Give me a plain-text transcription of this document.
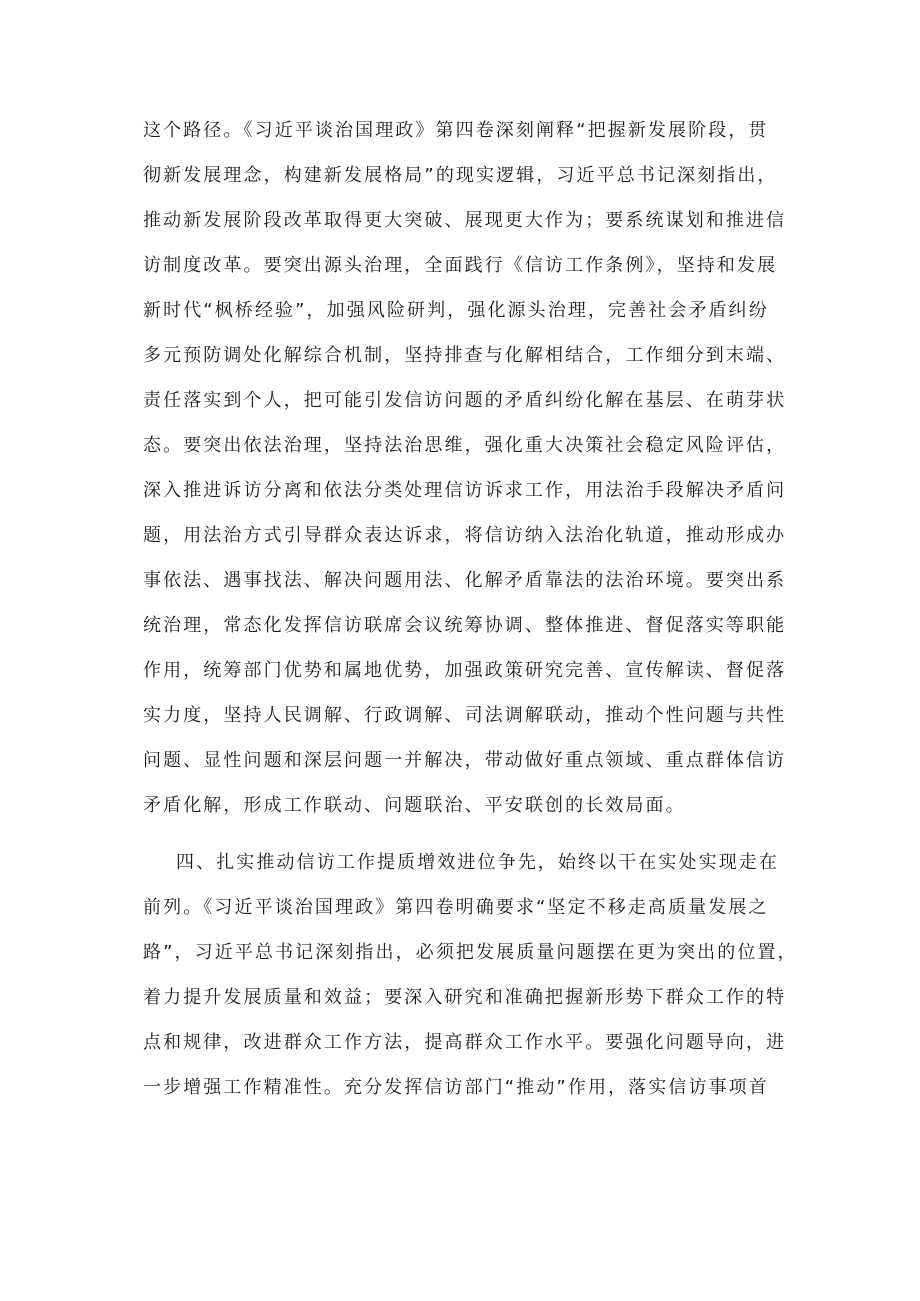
这个路径。《习近平谈治国理政》第四卷深刻阐释“把握新发展阶段，贯
彻新发展理念，构建新发展格局”的现实逻辑，习近平总书记深刻指出，
推动新发展阶段改革取得更大突破、展现更大作为；要系统谋划和推进信
访制度改革。要突出源头治理，全面践行《信访工作条例》，坚持和发展
新时代“枫桥经验”，加强风险研判，强化源头治理，完善社会矛盾纠纷
多元预防调处化解综合机制，坚持排查与化解相结合，工作细分到末端、
责任落实到个人，把可能引发信访问题的矛盾纠纷化解在基层、在萌芽状
态。要突出依法治理，坚持法治思维，强化重大决策社会稳定风险评估，
深入推进诉访分离和依法分类处理信访诉求工作，用法治手段解决矛盾问
题，用法治方式引导群众表达诉求，将信访纳入法治化轨道，推动形成办
事依法、遇事找法、解决问题用法、化解矛盾靠法的法治环境。要突出系
统治理，常态化发挥信访联席会议统筹协调、整体推进、督促落实等职能
作用，统筹部门优势和属地优势，加强政策研究完善、宣传解读、督促落
实力度，坚持人民调解、行政调解、司法调解联动，推动个性问题与共性
问题、显性问题和深层问题一并解决，带动做好重点领域、重点群体信访
矛盾化解，形成工作联动、问题联治、平安联创的长效局面。
四、扎实推动信访工作提质增效进位争先，始终以干在实处实现走在
前列。《习近平谈治国理政》第四卷明确要求“坚定不移走高质量发展之
路”，习近平总书记深刻指出，必须把发展质量问题摆在更为突出的位置，
着力提升发展质量和效益；要深入研究和准确把握新形势下群众工作的特
点和规律，改进群众工作方法，提高群众工作水平。要强化问题导向，进
一步增强工作精准性。充分发挥信访部门“推动”作用，落实信访事项首
